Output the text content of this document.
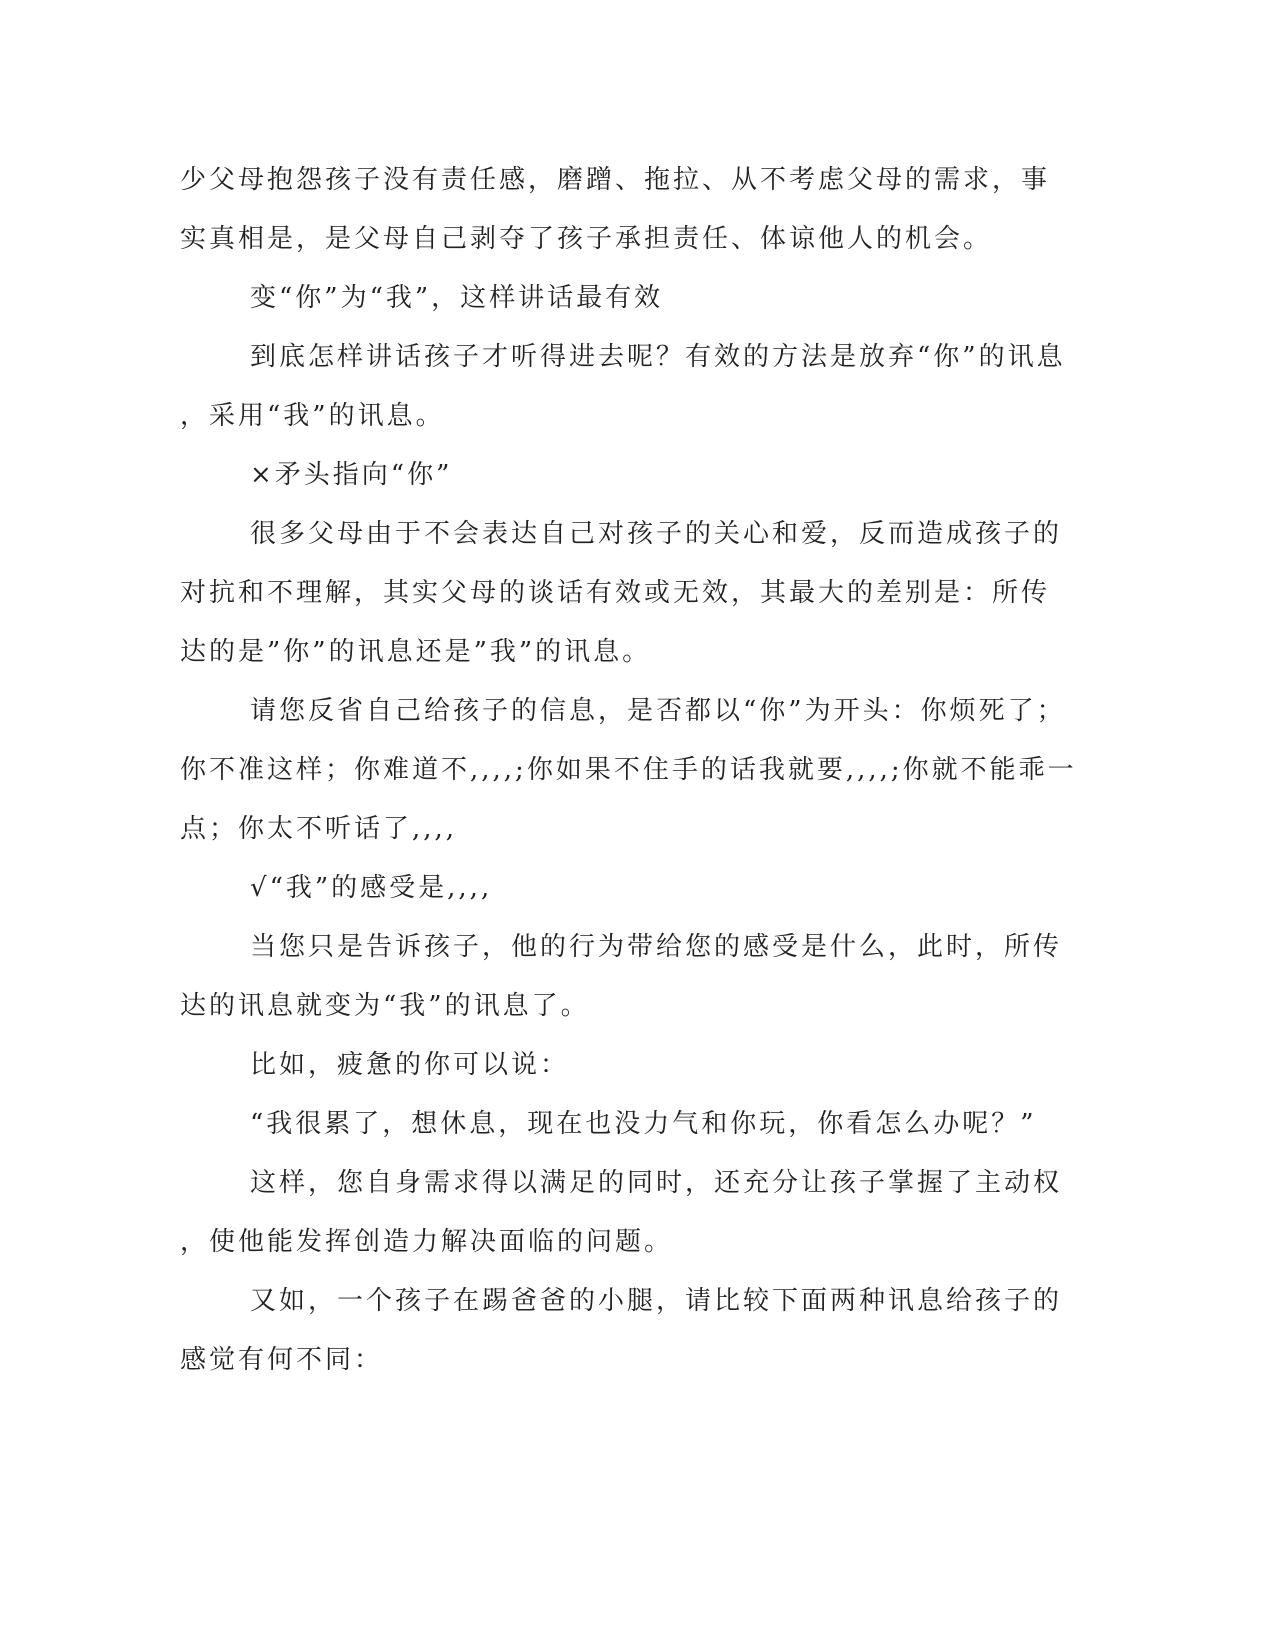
少父母抱怨孩子没有责任感，磨蹭、拖拉、从不考虑父母的需求，事
实真相是，是父母自己剥夺了孩子承担责任、体谅他人的机会。
变“你”为“我”，这样讲话最有效
到底怎样讲话孩子才听得进去呢？有效的方法是放弃“你”的讯息
，采用“我”的讯息。
×矛头指向“你”
很多父母由于不会表达自己对孩子的关心和爱，反而造成孩子的
对抗和不理解，其实父母的谈话有效或无效，其最大的差别是：所传
达的是”你”的讯息还是”我”的讯息。
请您反省自己给孩子的信息，是否都以“你”为开头：你烦死了；
你不准这样；你难道不,,,,;你如果不住手的话我就要,,,,;你就不能乖一
点；你太不听话了,,,,
√“我”的感受是,,,,
当您只是告诉孩子，他的行为带给您的感受是什么，此时，所传
达的讯息就变为“我”的讯息了。
比如，疲惫的你可以说：
“我很累了，想休息，现在也没力气和你玩，你看怎么办呢？”
这样，您自身需求得以满足的同时，还充分让孩子掌握了主动权
，使他能发挥创造力解决面临的问题。
又如，一个孩子在踢爸爸的小腿，请比较下面两种讯息给孩子的
感觉有何不同：
